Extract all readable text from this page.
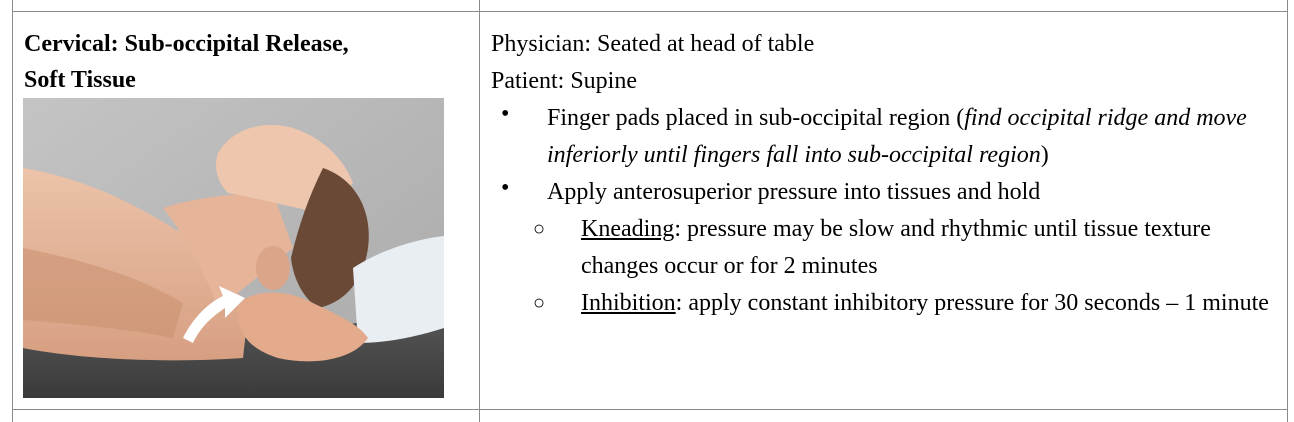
Cervical: Sub-occipital Release,
Soft Tissue

Physician: Seated at head of table

Patient: Supine

• Finger pads placed in sub-occipital region (find occipital ridge and move inferiorly until fingers fall into sub-occipital region)
• Apply anterosuperior pressure into tissues and hold
○ Kneading: pressure may be slow and rhythmic until tissue texture changes occur or for 2 minutes
○ Inhibition: apply constant inhibitory pressure for 30 seconds – 1 minute
